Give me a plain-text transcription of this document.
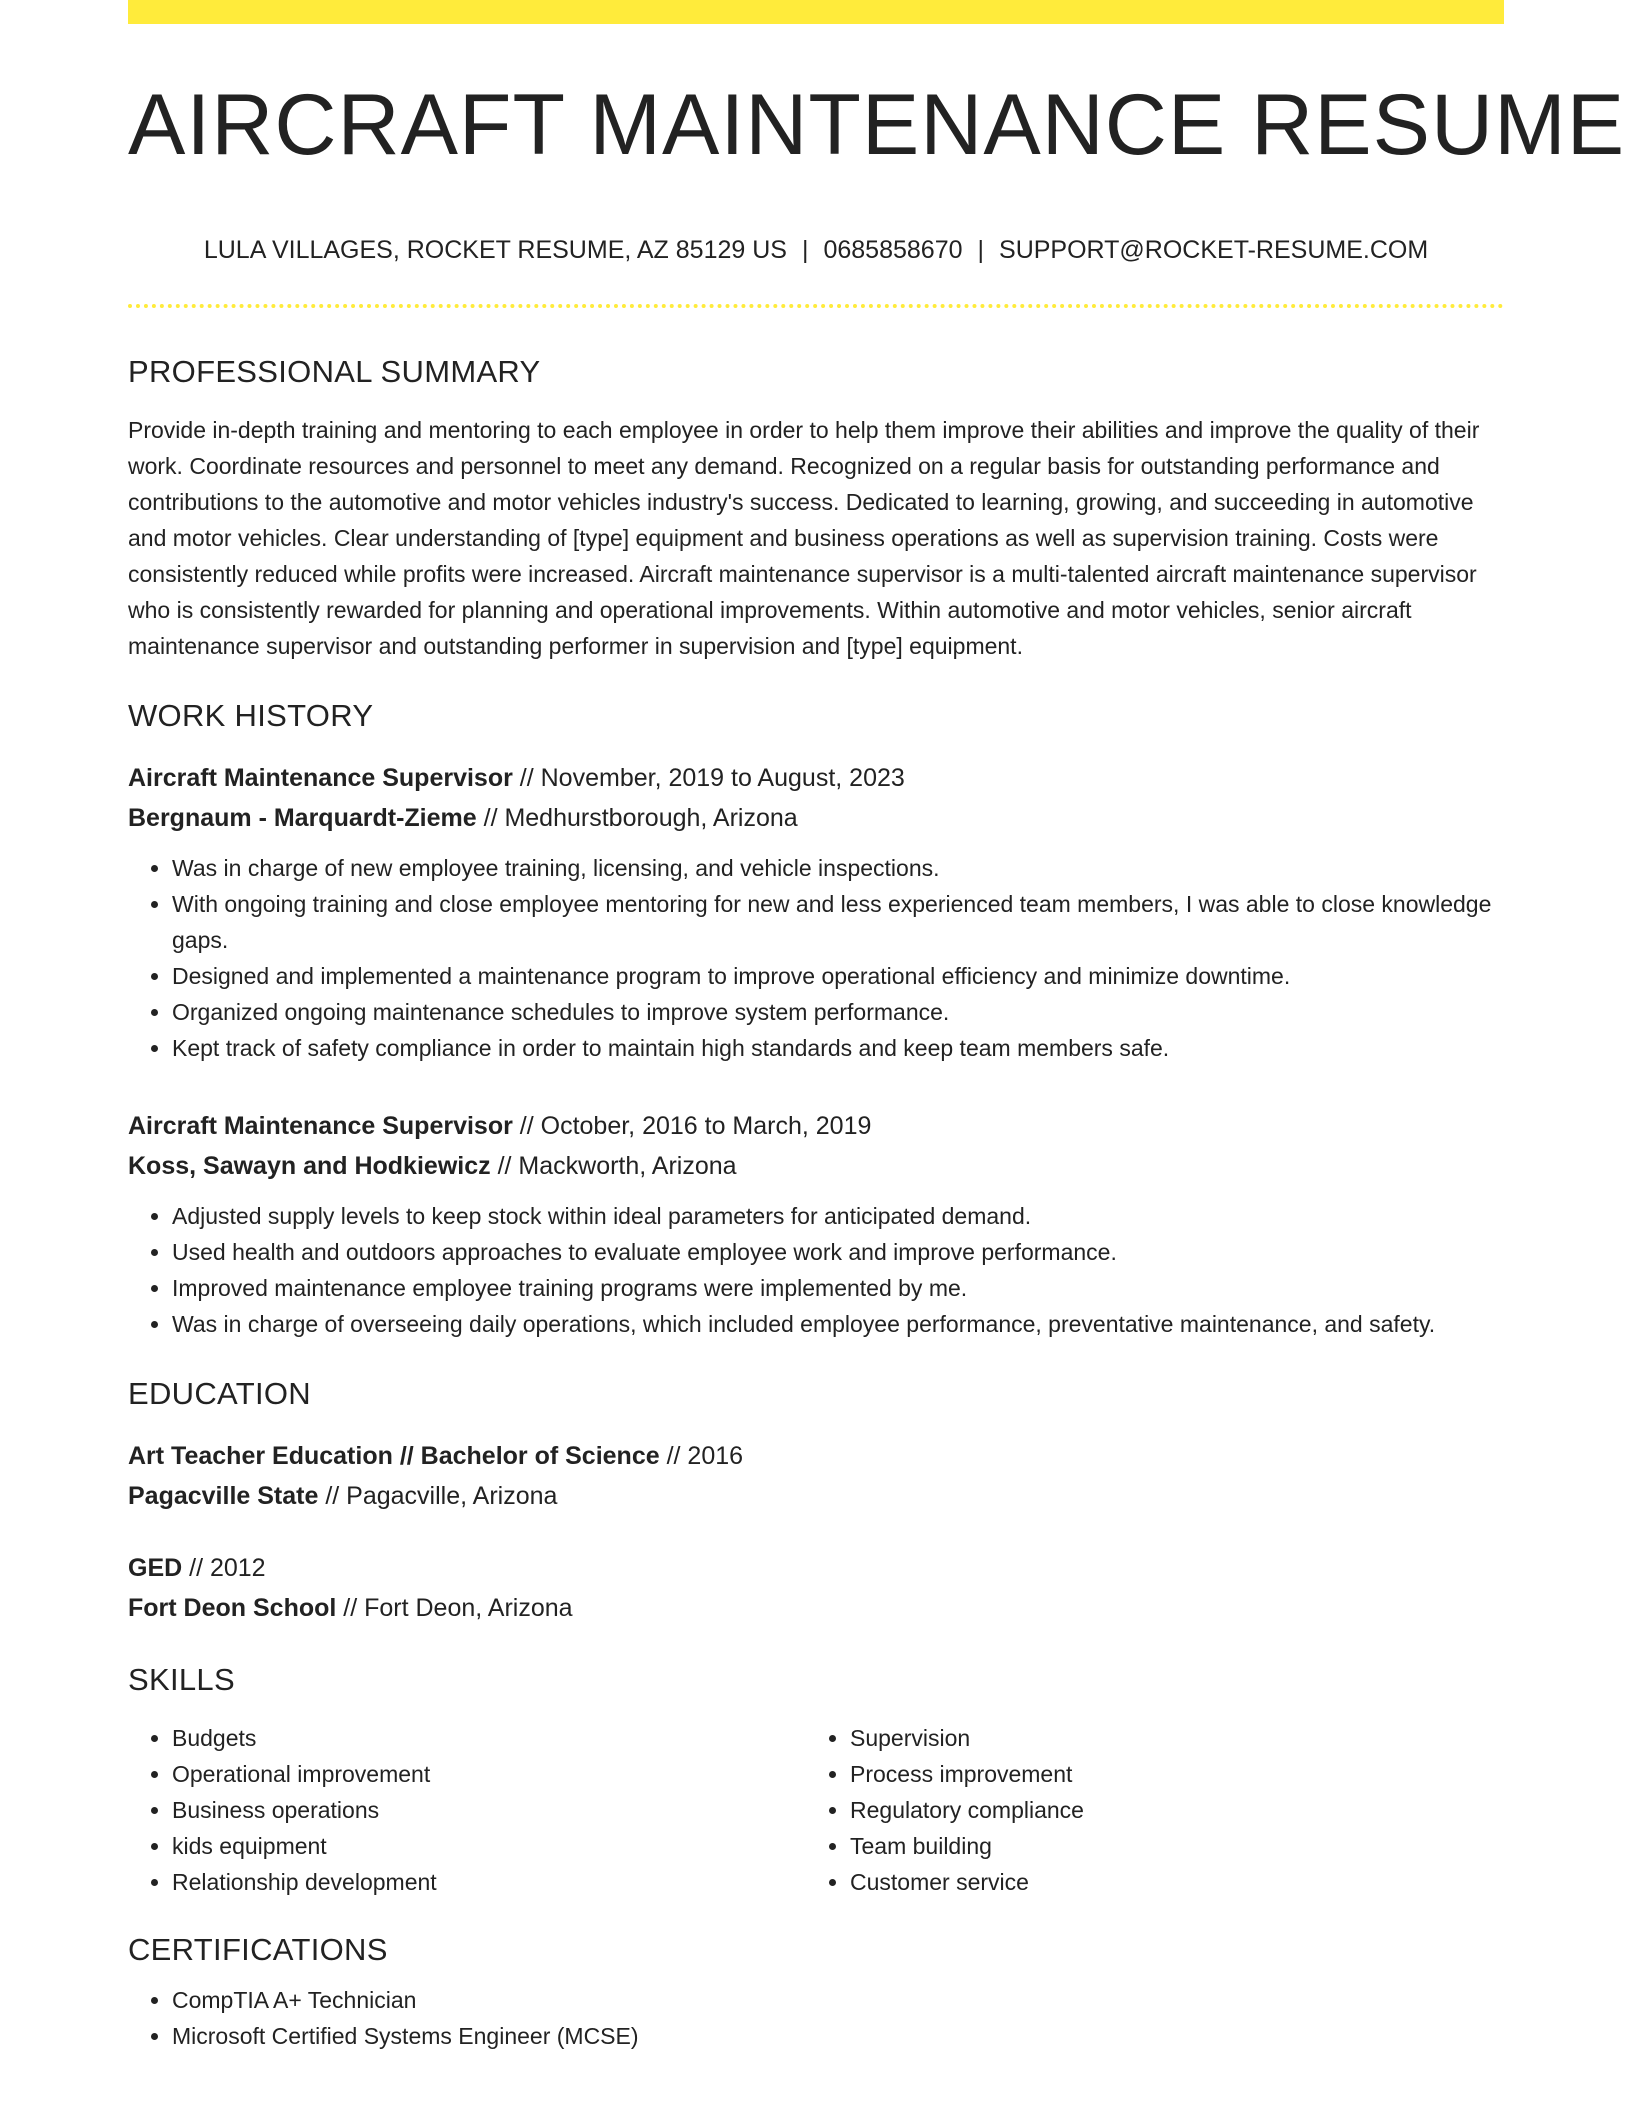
AIRCRAFT MAINTENANCE RESUME
LULA VILLAGES, ROCKET RESUME, AZ 85129 US | 0685858670 | SUPPORT@ROCKET-RESUME.COM
PROFESSIONAL SUMMARY

Provide in-depth training and mentoring to each employee in order to help them improve their abilities and improve the quality of their work. Coordinate resources and personnel to meet any demand. Recognized on a regular basis for outstanding performance and contributions to the automotive and motor vehicles industry's success. Dedicated to learning, growing, and succeeding in automotive and motor vehicles. Clear understanding of [type] equipment and business operations as well as supervision training. Costs were consistently reduced while profits were increased. Aircraft maintenance supervisor is a multi-talented aircraft maintenance supervisor who is consistently rewarded for planning and operational improvements. Within automotive and motor vehicles, senior aircraft maintenance supervisor and outstanding performer in supervision and [type] equipment.

WORK HISTORY
Aircraft Maintenance Supervisor // November, 2019 to August, 2023
Bergnaum - Marquardt-Zieme // Medhurstborough, Arizona
• Was in charge of new employee training, licensing, and vehicle inspections.
• With ongoing training and close employee mentoring for new and less experienced team members, I was able to close knowledge gaps.
• Designed and implemented a maintenance program to improve operational efficiency and minimize downtime.
• Organized ongoing maintenance schedules to improve system performance.
• Kept track of safety compliance in order to maintain high standards and keep team members safe.
Aircraft Maintenance Supervisor // October, 2016 to March, 2019
Koss, Sawayn and Hodkiewicz // Mackworth, Arizona
• Adjusted supply levels to keep stock within ideal parameters for anticipated demand.
• Used health and outdoors approaches to evaluate employee work and improve performance.
• Improved maintenance employee training programs were implemented by me.
• Was in charge of overseeing daily operations, which included employee performance, preventative maintenance, and safety.
EDUCATION
Art Teacher Education // Bachelor of Science // 2016
Pagacville State // Pagacville, Arizona
GED // 2012
Fort Deon School // Fort Deon, Arizona
SKILLS
• Budgets
• Operational improvement
• Business operations
• kids equipment
• Relationship development
• Supervision
• Process improvement
• Regulatory compliance
• Team building
• Customer service
CERTIFICATIONS
• CompTIA A+ Technician
• Microsoft Certified Systems Engineer (MCSE)
